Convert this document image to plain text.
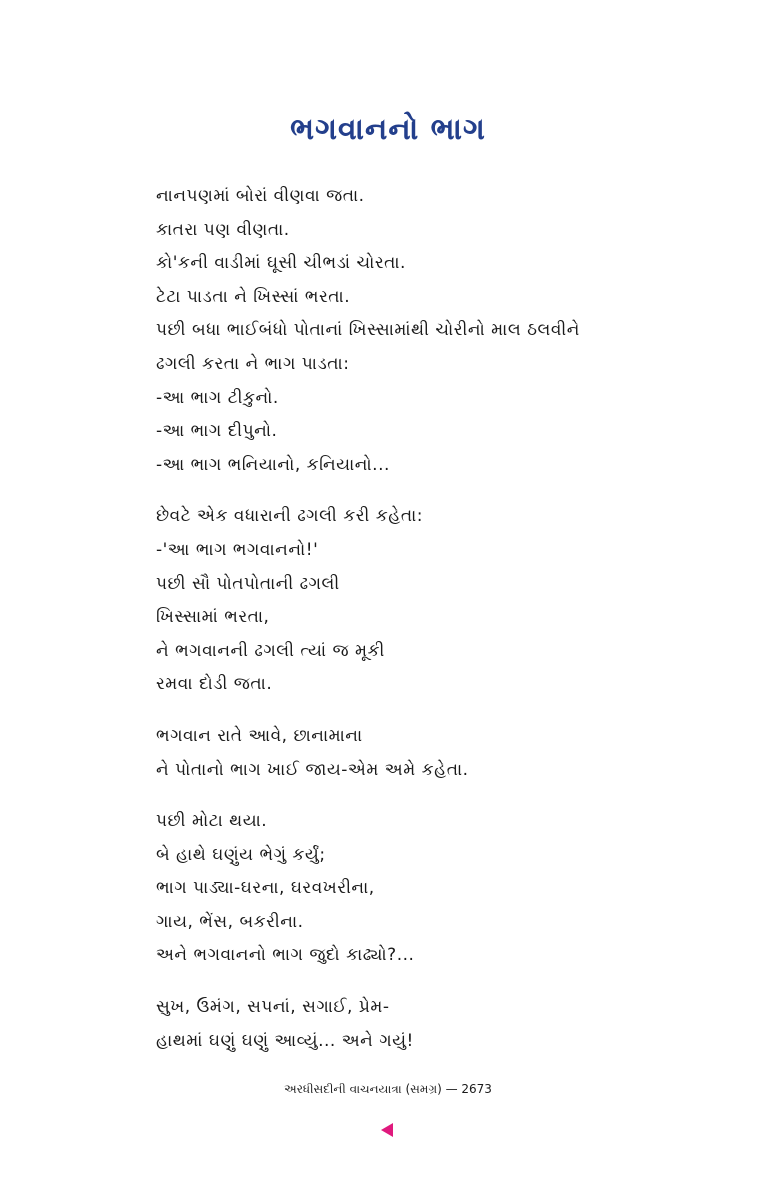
ભગવાનનો ભાગ
નાનપણમાં બોરાં વીણવા જતા.
કાતરા પણ વીણતા.
કો'કની વાડીમાં ઘૂસી ચીભડાં ચોરતા.
ટેટા પાડતા ને ખિસ્સાં ભરતા.
પછી બધા ભાઈબંધો પોતાનાં ખિસ્સામાંથી ચોરીનો માલ ઠલવીને
ઢગલી કરતા ને ભાગ પાડતા:
-આ ભાગ ટીકુનો.
-આ ભાગ દીપુનો.
-આ ભાગ ભનિયાનો, કનિયાનો...
છેવટે એક વધારાની ઢગલી કરી કહેતા:
-'આ ભાગ ભગવાનનો!'
પછી સૌ પોતપોતાની ઢગલી
ખિસ્સામાં ભરતા,
ને ભગવાનની ઢગલી ત્યાં જ મૂકી
રમવા દોડી જતા.
ભગવાન રાતે આવે, છાનામાના
ને પોતાનો ભાગ ખાઈ જાય-એમ અમે કહેતા.
પછી મોટા થયા.
બે હાથે ઘણુંય ભેગું કર્યું;
ભાગ પાડ્યા-ઘરના, ઘરવખરીના,
ગાય, ભેંસ, બકરીના.
અને ભગવાનનો ભાગ જુદો કાઢ્યો?...
સુખ, ઉમંગ, સપનાં, સગાઈ, પ્રેમ-
હાથમાં ઘણું ઘણું આવ્યું... અને ગયું!
અરધીસદીની વાચનયાત્રા (સમગ્ર) — 2673
